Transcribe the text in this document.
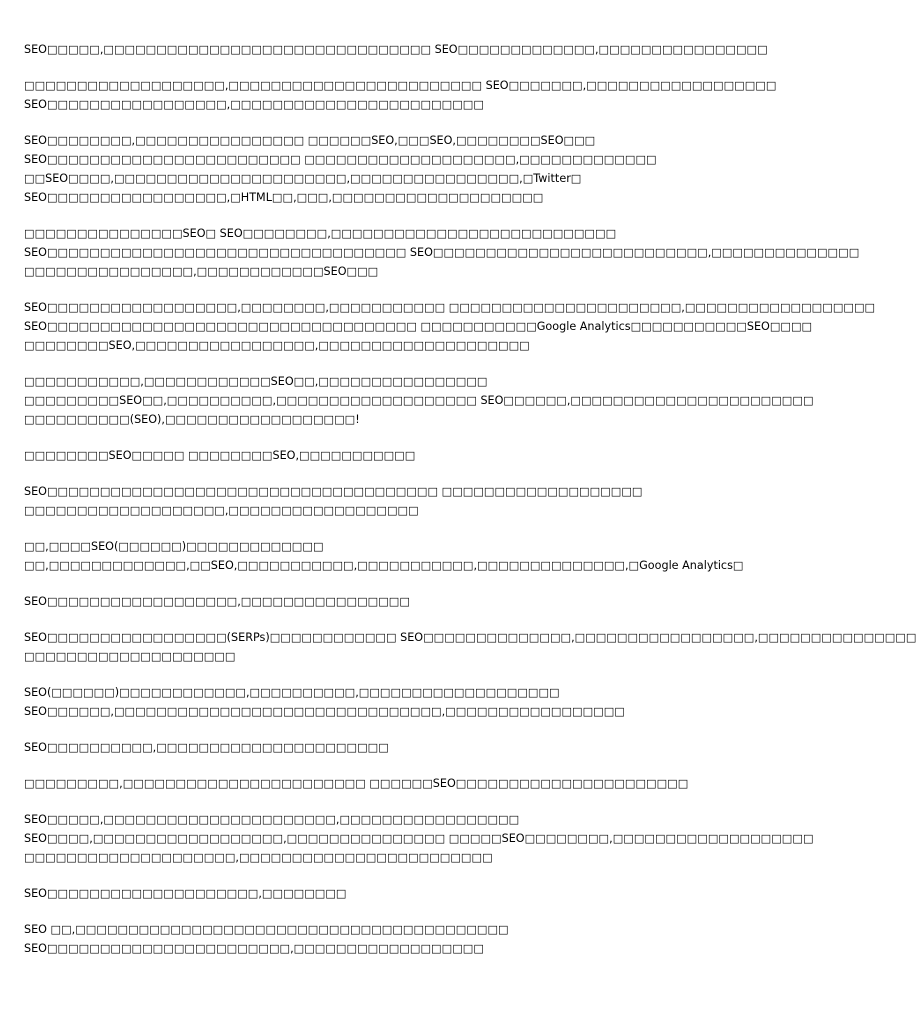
SEO□□□□□,□□□□□□□□□□□□□□□□□□□□□□□□□□□□□□□ SEO□□□□□□□□□□□□□,□□□□□□□□□□□□□□□□
□□□□□□□□□□□□□□□□□□□,□□□□□□□□□□□□□□□□□□□□□□□□ SEO□□□□□□□,□□□□□□□□□□□□□□□□□□
SEO□□□□□□□□□□□□□□□□□,□□□□□□□□□□□□□□□□□□□□□□□□
SEO□□□□□□□□,□□□□□□□□□□□□□□□□ □□□□□□SEO,□□□SEO,□□□□□□□□SEO□□□
SEO□□□□□□□□□□□□□□□□□□□□□□□□ □□□□□□□□□□□□□□□□□□□□,□□□□□□□□□□□□□
□□SEO□□□□,□□□□□□□□□□□□□□□□□□□□□□,□□□□□□□□□□□□□□□□,□Twitter□
SEO□□□□□□□□□□□□□□□□□,□HTML□□,□□□,□□□□□□□□□□□□□□□□□□□□
□□□□□□□□□□□□□□□SEO□ SEO□□□□□□□□,□□□□□□□□□□□□□□□□□□□□□□□□□□□
SEO□□□□□□□□□□□□□□□□□□□□□□□□□□□□□□□□□□ SEO□□□□□□□□□□□□□□□□□□□□□□□□□□,□□□□□□□□□□□□□□
□□□□□□□□□□□□□□□□,□□□□□□□□□□□□SEO□□□
SEO□□□□□□□□□□□□□□□□□□,□□□□□□□□,□□□□□□□□□□□ □□□□□□□□□□□□□□□□□□□□□□,□□□□□□□□□□□□□□□□□□
SEO□□□□□□□□□□□□□□□□□□□□□□□□□□□□□□□□□□□ □□□□□□□□□□□Google Analytics□□□□□□□□□□□SEO□□□□
□□□□□□□□SEO,□□□□□□□□□□□□□□□□□,□□□□□□□□□□□□□□□□□□□□
□□□□□□□□□□□,□□□□□□□□□□□□SEO□□,□□□□□□□□□□□□□□□□
□□□□□□□□□SEO□□,□□□□□□□□□□,□□□□□□□□□□□□□□□□□□□ SEO□□□□□□,□□□□□□□□□□□□□□□□□□□□□□□
□□□□□□□□□□(SEO),□□□□□□□□□□□□□□□□□□!
□□□□□□□□SEO□□□□□ □□□□□□□□SEO,□□□□□□□□□□□
SEO□□□□□□□□□□□□□□□□□□□□□□□□□□□□□□□□□□□□□ □□□□□□□□□□□□□□□□□□□
□□□□□□□□□□□□□□□□□□□,□□□□□□□□□□□□□□□□□□
□□,□□□□SEO(□□□□□□)□□□□□□□□□□□□□
□□,□□□□□□□□□□□□□,□□SEO,□□□□□□□□□□□,□□□□□□□□□□□,□□□□□□□□□□□□□□,□Google Analytics□
SEO□□□□□□□□□□□□□□□□□□,□□□□□□□□□□□□□□□□
SEO□□□□□□□□□□□□□□□□□(SERPs)□□□□□□□□□□□□ SEO□□□□□□□□□□□□□□,□□□□□□□□□□□□□□□□□,□□□□□□□□□□□□□□□
□□□□□□□□□□□□□□□□□□□□
SEO(□□□□□□)□□□□□□□□□□□□,□□□□□□□□□□,□□□□□□□□□□□□□□□□□□□
SEO□□□□□□,□□□□□□□□□□□□□□□□□□□□□□□□□□□□□□□,□□□□□□□□□□□□□□□□□
SEO□□□□□□□□□□,□□□□□□□□□□□□□□□□□□□□□□
□□□□□□□□□,□□□□□□□□□□□□□□□□□□□□□□□ □□□□□□SEO□□□□□□□□□□□□□□□□□□□□□□
SEO□□□□□,□□□□□□□□□□□□□□□□□□□□□□,□□□□□□□□□□□□□□□□□
SEO□□□□,□□□□□□□□□□□□□□□□□□,□□□□□□□□□□□□□□□ □□□□□SEO□□□□□□□□,□□□□□□□□□□□□□□□□□□□
□□□□□□□□□□□□□□□□□□□□,□□□□□□□□□□□□□□□□□□□□□□□□
SEO□□□□□□□□□□□□□□□□□□□□,□□□□□□□□
SEO □□,□□□□□□□□□□□□□□□□□□□□□□□□□□□□□□□□□□□□□□□□□
SEO□□□□□□□□□□□□□□□□□□□□□□□,□□□□□□□□□□□□□□□□□□
